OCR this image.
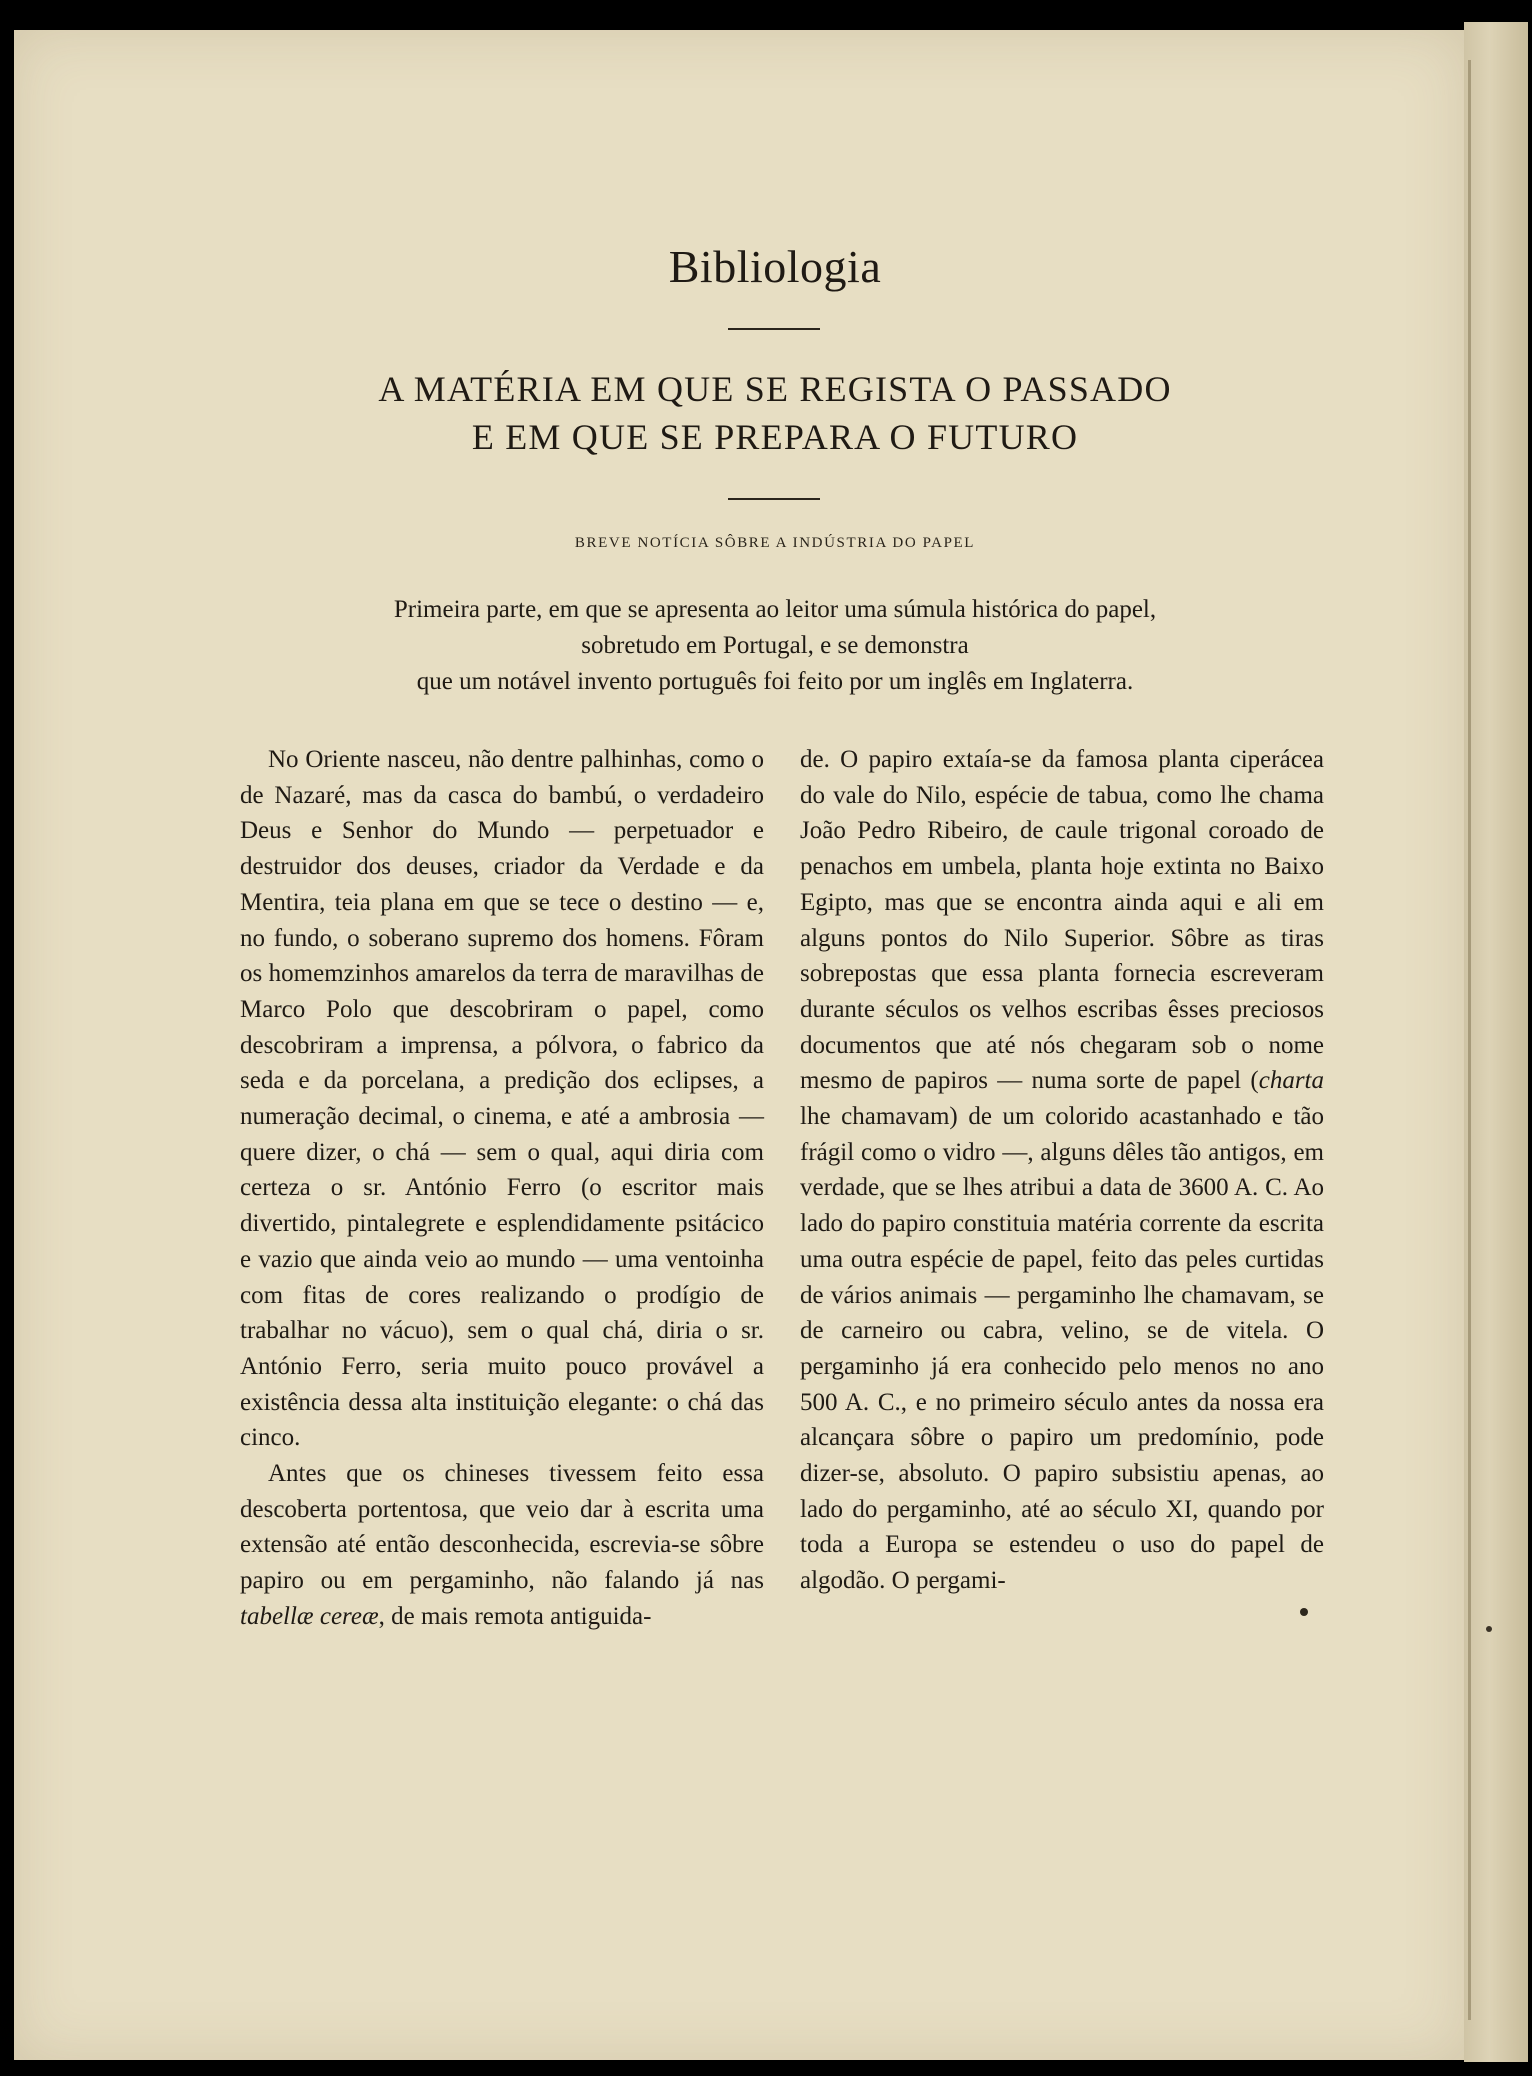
Bibliologia
A MATÉRIA EM QUE SE REGISTA O PASSADO
E EM QUE SE PREPARA O FUTURO
BREVE NOTÍCIA SÔBRE A INDÚSTRIA DO PAPEL
Primeira parte, em que se apresenta ao leitor uma súmula histórica do papel,
sobretudo em Portugal, e se demonstra
que um notável invento português foi feito por um inglês em Inglaterra.

No Oriente nasceu, não dentre palhinhas, como o de Nazaré, mas da casca do bambú, o verdadeiro Deus e Senhor do Mundo — perpetuador e destruidor dos deuses, criador da Verdade e da Mentira, teia plana em que se tece o destino — e, no fundo, o soberano supremo dos homens. Fôram os homemzinhos amarelos da terra de maravilhas de Marco Polo que descobriram o papel, como descobriram a imprensa, a pólvora, o fabrico da seda e da porcelana, a predição dos eclipses, a numeração decimal, o cinema, e até a ambrosia — quere dizer, o chá — sem o qual, aqui diria com certeza o sr. António Ferro (o escritor mais divertido, pintalegrete e esplendidamente psitácico e vazio que ainda veio ao mundo — uma ventoinha com fitas de cores realizando o prodígio de trabalhar no vácuo), sem o qual chá, diria o sr. António Ferro, seria muito pouco provável a existência dessa alta instituição elegante: o chá das cinco.

Antes que os chineses tivessem feito essa descoberta portentosa, que veio dar à escrita uma extensão até então desconhecida, escrevia-se sôbre papiro ou em pergaminho, não falando já nas tabellæ cereæ, de mais remota antiguida-

de. O papiro extaía-se da famosa planta ciperácea do vale do Nilo, espécie de tabua, como lhe chama João Pedro Ribeiro, de caule trigonal coroado de penachos em umbela, planta hoje extinta no Baixo Egipto, mas que se encontra ainda aqui e ali em alguns pontos do Nilo Superior. Sôbre as tiras sobrepostas que essa planta fornecia escreveram durante séculos os velhos escribas êsses preciosos documentos que até nós chegaram sob o nome mesmo de papiros — numa sorte de papel (charta lhe chamavam) de um colorido acastanhado e tão frágil como o vidro —, alguns dêles tão antigos, em verdade, que se lhes atribui a data de 3600 A. C. Ao lado do papiro constituia matéria corrente da escrita uma outra espécie de papel, feito das peles curtidas de vários animais — pergaminho lhe chamavam, se de carneiro ou cabra, velino, se de vitela. O pergaminho já era conhecido pelo menos no ano 500 A. C., e no primeiro século antes da nossa era alcançara sôbre o papiro um predomínio, pode dizer-se, absoluto. O papiro subsistiu apenas, ao lado do pergaminho, até ao século XI, quando por toda a Europa se estendeu o uso do papel de algodão. O pergami-
